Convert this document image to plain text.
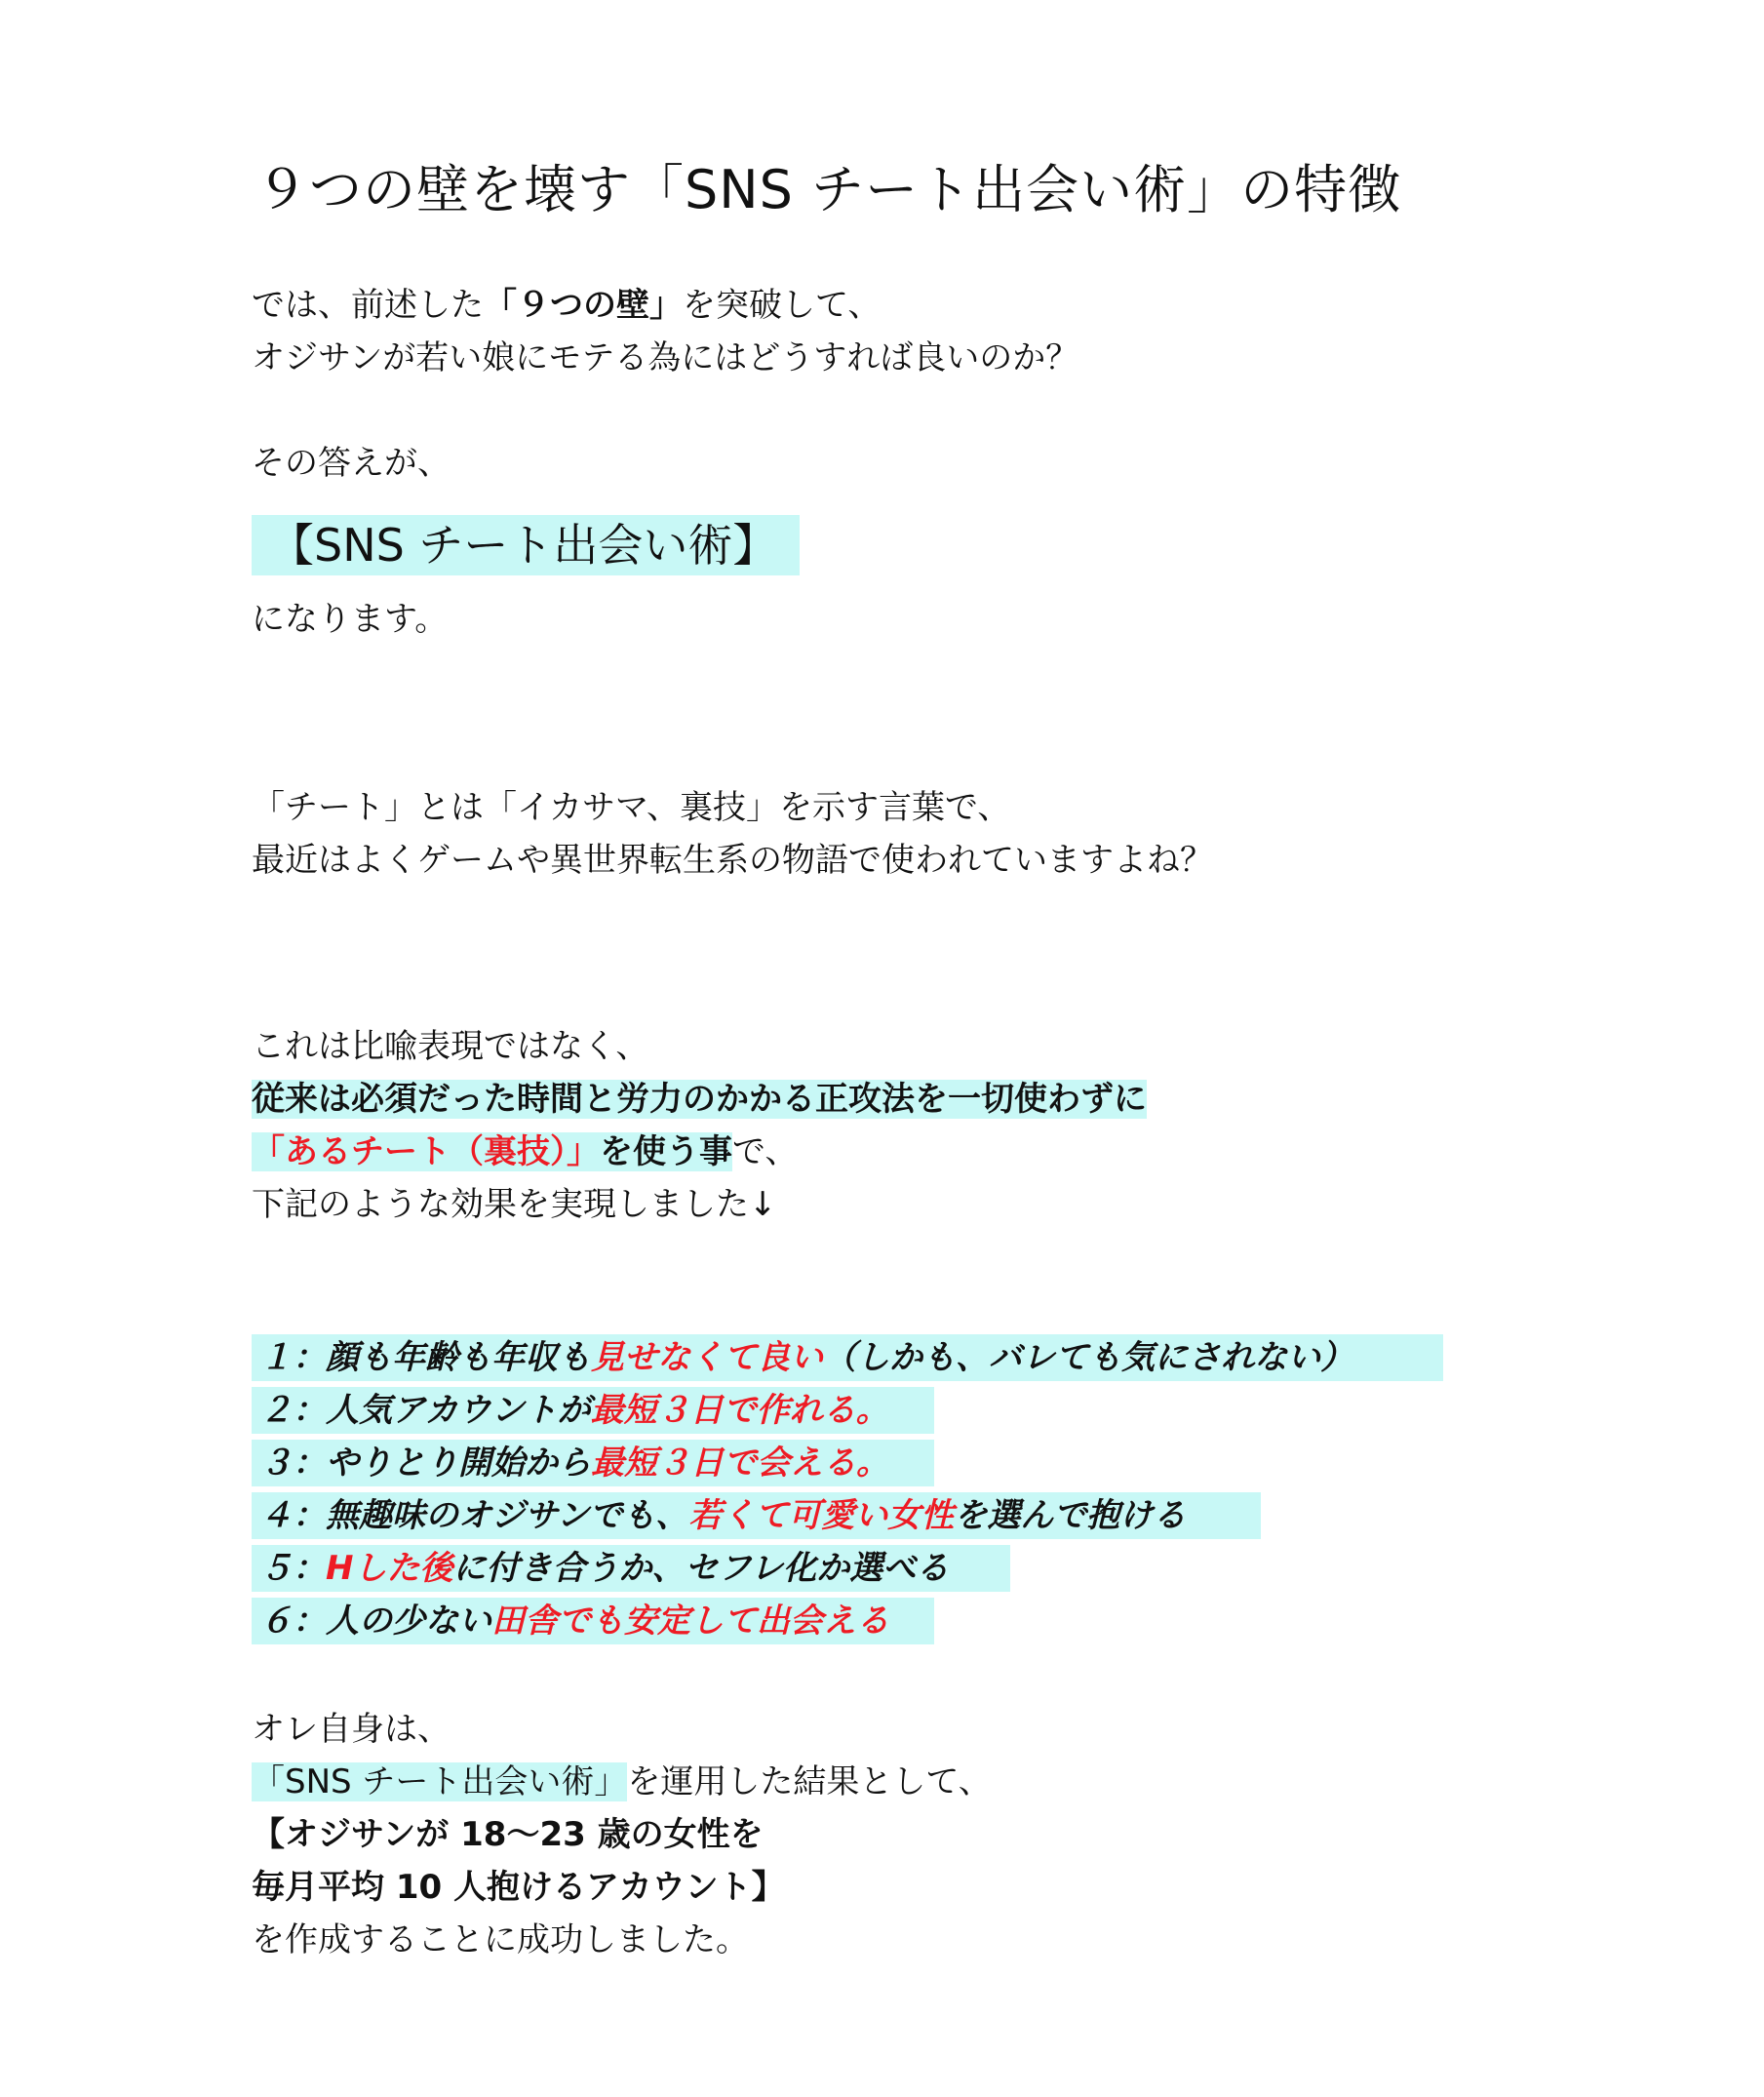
９つの壁を壊す「SNS チート出会い術」の特徴
では、前述した「９つの壁」を突破して、
オジサンが若い娘にモテる為にはどうすれば良いのか？
その答えが、
【SNS チート出会い術】
になります。
「チート」とは「イカサマ、裏技」を示す言葉で、
最近はよくゲームや異世界転生系の物語で使われていますよね？
これは比喩表現ではなく、
従来は必須だった時間と労力のかかる正攻法を一切使わずに
「あるチート（裏技）」を使う事で、
下記のような効果を実現しました↓
１：顔も年齢も年収も見せなくて良い（しかも、バレても気にされない）
２：人気アカウントが最短３日で作れる。
３：やりとり開始から最短３日で会える。
４：無趣味のオジサンでも、若くて可愛い女性を選んで抱ける
５：Hした後に付き合うか、セフレ化か選べる
６：人の少ない田舎でも安定して出会える
オレ自身は、
「SNS チート出会い術」を運用した結果として、
【オジサンが 18〜23 歳の女性を
毎月平均 10 人抱けるアカウント】
を作成することに成功しました。
